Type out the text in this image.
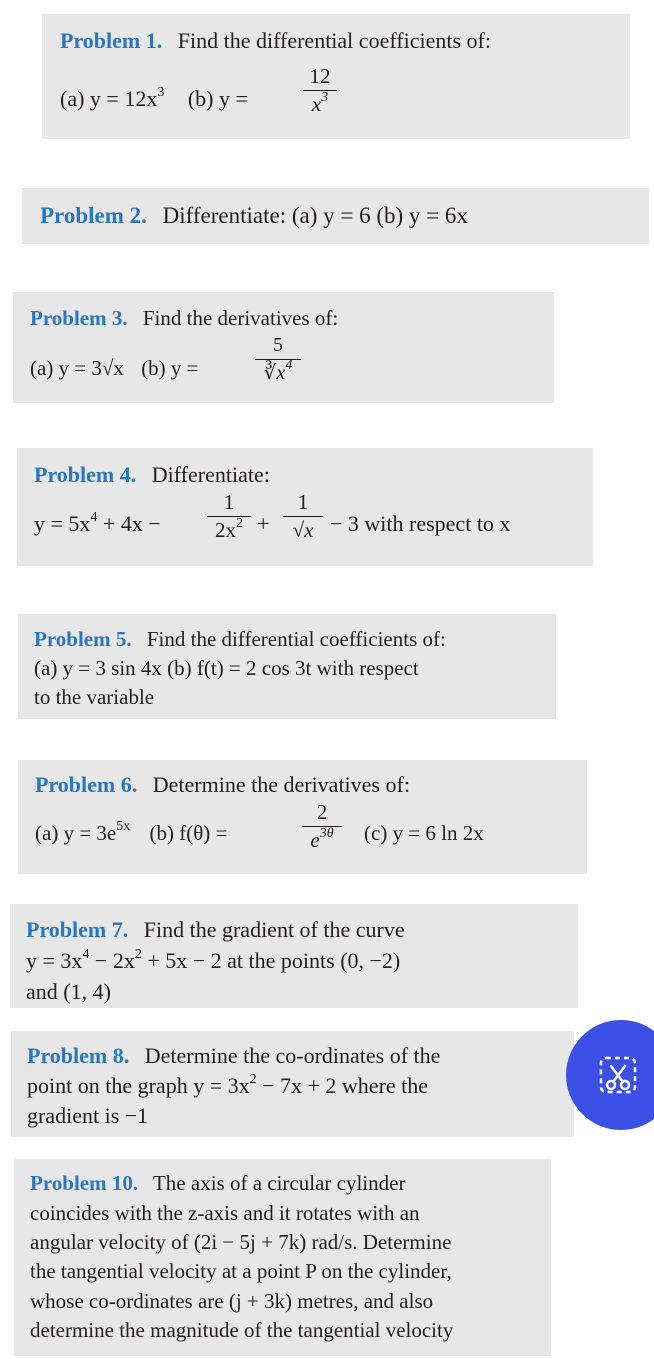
Problem 1. Find the differential coefficients of:
(a) $y = 12x^3$ (b) y =
12
$x^3$
Problem 2. Differentiate: (a) y = 6 (b) y = 6x
Problem 3. Find the derivatives of:
(a) y = 3√x (b) y =
5
$∛x^4$
Problem 4. Differentiate:
$y = 5x^4 + 4x$ −
1
$2x^2$ +
1
√x − 3 with respect to x
Problem 5. Find the differential coefficients of:
(a) y = 3 sin 4x (b) f(t) = 2 cos 3t with respect
to the variable
Problem 6. Determine the derivatives of:
(a) $y = 3e^{5x}$ (b) f(θ) =
2
$e^{3\theta}$	(c) y = 6 ln 2x
Problem 7. Find the gradient of the curve
$y = 3x^4 - 2x^2 + 5x - 2$ at the points (0, −2)
and (1, 4)
Problem 8. Determine the co-ordinates of the
point on the graph $y = 3x^2 - 7x + 2$ where the
gradient is −1
Problem 10. The axis of a circular cylinder
coincides with the z-axis and it rotates with an
angular velocity of (2i − 5j + 7k) rad/s. Determine
the tangential velocity at a point P on the cylinder,
whose co-ordinates are (j + 3k) metres, and also
determine the magnitude of the tangential velocity
